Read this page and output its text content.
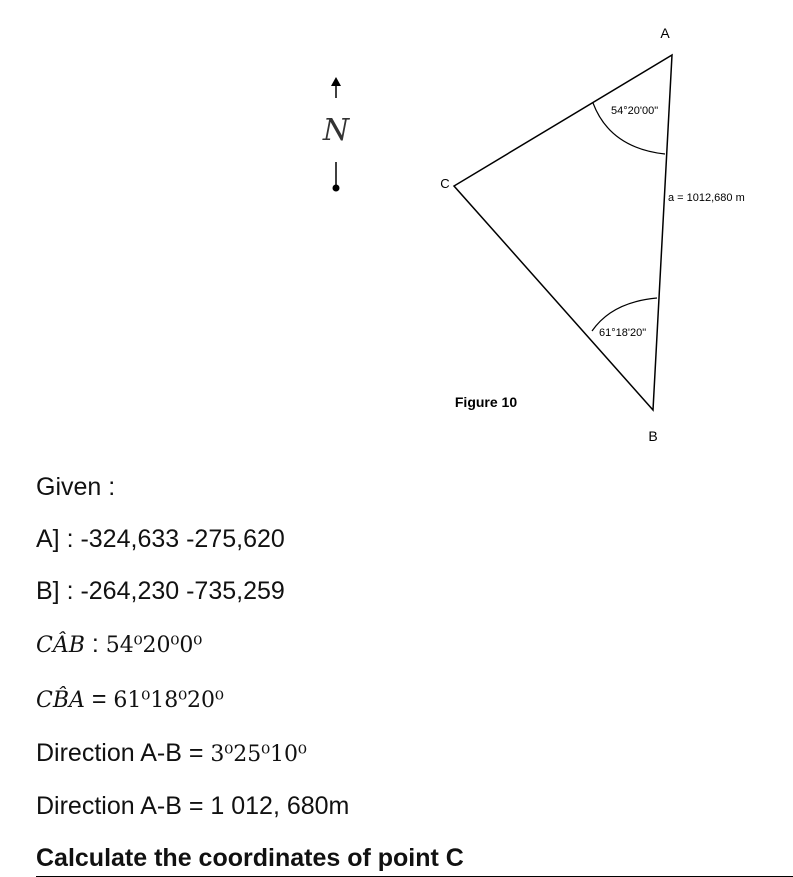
N
A
B
C
54°20'00"
61°18'20"
a = 1012,680 m
Figure 10
Given :
A] : -324,633 -275,620
B] : -264,230 -735,259
CÂB : 54⁰20⁰0⁰
CB̂A = 61⁰18⁰20⁰
Direction A-B = 3⁰25⁰10⁰
Direction A-B = 1 012, 680m
Calculate the coordinates of point C
